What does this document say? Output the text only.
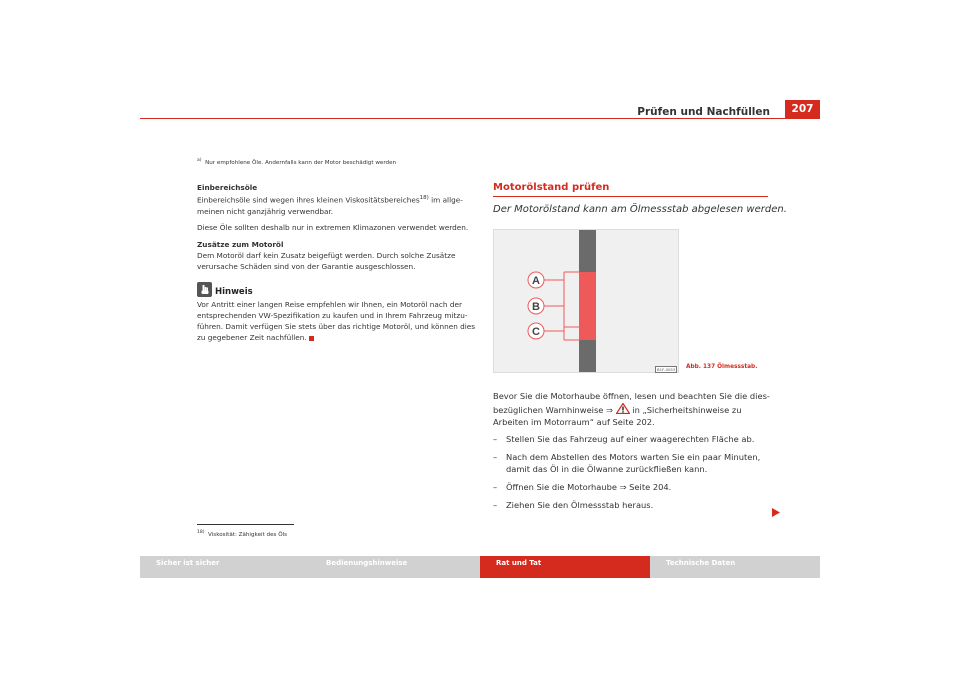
Prüfen und Nachfüllen	207
$^{a)}$ Nur empfohlene Öle. Andernfalls kann der Motor beschädigt werden

Einbereichsöle

Einbereichsöle sind wegen ihres kleinen Viskositätsbereiches$^{18)}$ im allgemeinen nicht ganzjährig verwendbar.

Diese Öle sollten deshalb nur in extremen Klimazonen verwendet werden.

Zusätze zum Motoröl

Dem Motoröl darf kein Zusatz beigefügt werden. Durch solche Zusätze verursache Schäden sind von der Garantie ausgeschlossen.

Hinweis

Vor Antritt einer langen Reise empfehlen wir Ihnen, ein Motoröl nach der entsprechenden VW-Spezifikation zu kaufen und in Ihrem Fahrzeug mitzuführen. Damit verfügen Sie stets über das richtige Motoröl, und können dies zu gegebener Zeit nachfüllen.

$^{18)}$ Viskosität: Zähigkeit des Öls
Motorölstand prüfen
Der Motorölstand kann am Ölmessstab abgelesen werden.
A
B
C
B1F-0053	Abb. 137 Ölmessstab.

Bevor Sie die Motorhaube öffnen, lesen und beachten Sie die diesbezüglichen Warnhinweise ⇒  in „Sicherheitshinweise zu Arbeiten im Motorraum“ auf Seite 202.

–	Stellen Sie das Fahrzeug auf einer waagerechten Fläche ab.
–	Nach dem Abstellen des Motors warten Sie ein paar Minuten, damit das Öl in die Ölwanne zurückfließen kann.
–	Öffnen Sie die Motorhaube ⇒ Seite 204.
–	Ziehen Sie den Ölmessstab heraus.
Sicher ist sicher	Bedienungshinweise	Rat und Tat	Technische Daten
